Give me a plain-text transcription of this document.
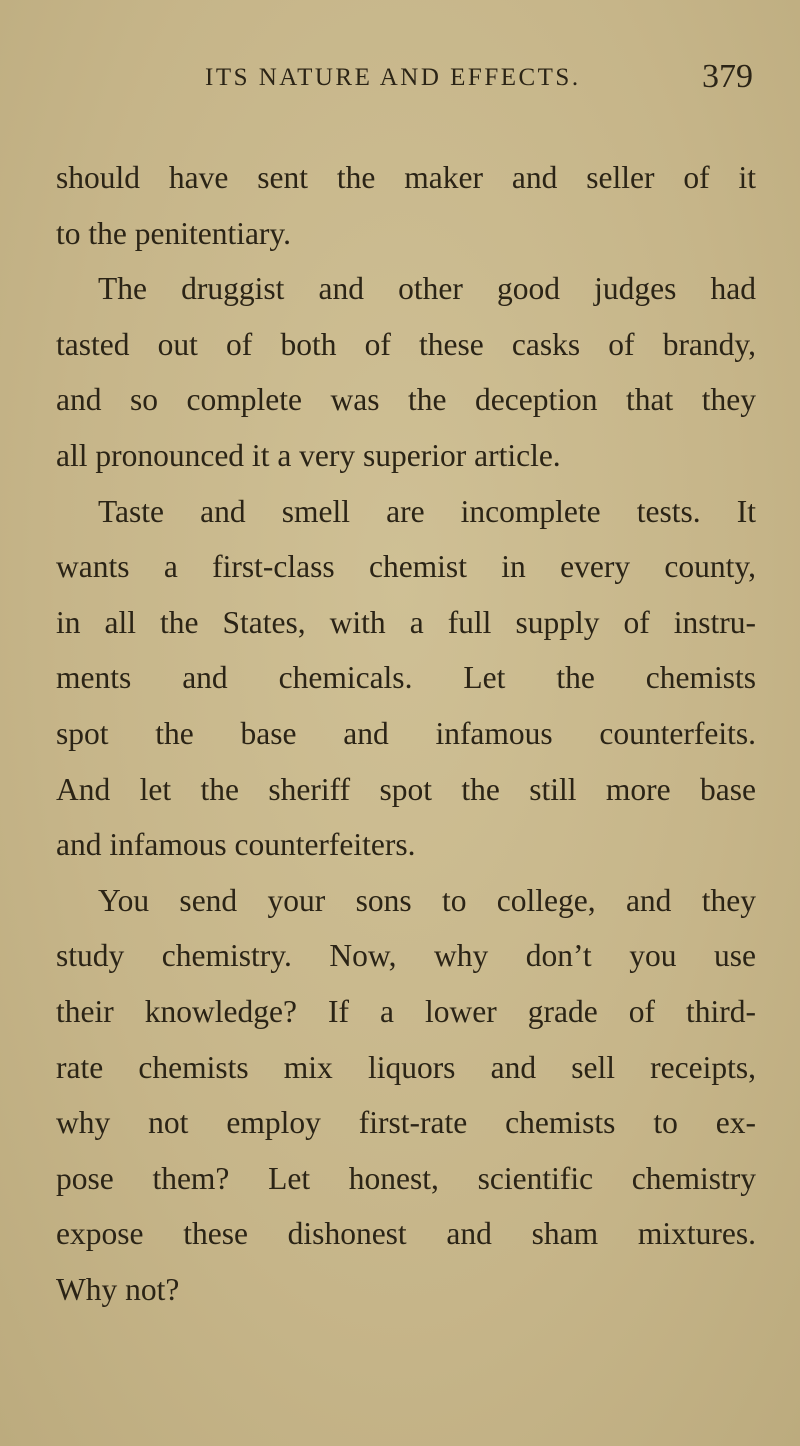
ITS NATURE AND EFFECTS.	379
should have sent the maker and seller of it
to the penitentiary.
The druggist and other good judges had
tasted out of both of these casks of brandy,
and so complete was the deception that they
all pronounced it a very superior article.
Taste and smell are incomplete tests. It
wants a first-class chemist in every county,
in all the States, with a full supply of instru-
ments and chemicals. Let the chemists
spot the base and infamous counterfeits.
And let the sheriff spot the still more base
and infamous counterfeiters.
You send your sons to college, and they
study chemistry. Now, why don’t you use
their knowledge? If a lower grade of third-
rate chemists mix liquors and sell receipts,
why not employ first-rate chemists to ex-
pose them? Let honest, scientific chemistry
expose these dishonest and sham mixtures.
Why not?
